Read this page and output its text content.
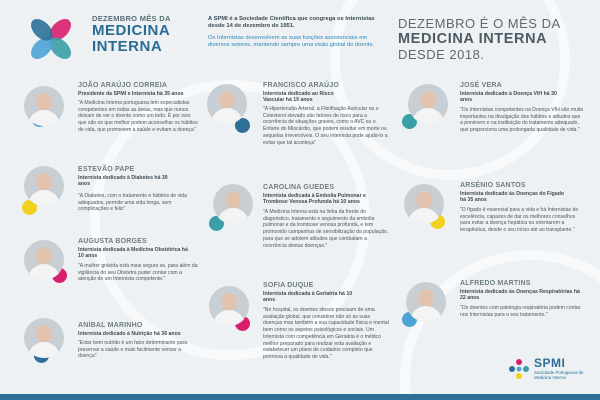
DEZEMBRO MÊS DA
MEDICINA
INTERNA
A SPMI é a Sociedade Científica que congrega os Internistas desde 14 de dezembro de 1951.
Os Internistas desenvolvem as suas funções assistenciais em diversos setores, mantendo sempre uma visão global do doente.
DEZEMBRO É O MÊS DA
MEDICINA INTERNA
DESDE 2018.
JOÃO ARAÚJO CORREIA
Presidente da SPMI e Internista há 35 anos
"A Medicina Interna portuguesa tem especialistas competentes em todas as áreas, mas que nunca deixam de ver o doente como um todo. É por isso que são os que melhor podem aconselhar os hábitos de vida, que promovem a saúde e evitam a doença"
ESTEVÃO PAPE
Internista dedicado à Diabetes há 30 anos
"A Diabetes, com o tratamento e hábitos de vida adequados, permite uma vida longa, sem complicações e feliz"
AUGUSTA BORGES
Internista dedicada à Medicina Obstétrica há 10 anos
"A mulher grávida está mais segura se, para além da vigilância do seu Obstetra puder contar com a atenção de um Internista competente."
ANÍBAL MARINHO
Internista dedicado à Nutrição há 36 anos
"Estar bem nutrido é um fator determinante para preservar a saúde e mais facilmente vencer a doença"
FRANCISCO ARAÚJO
Internista dedicado ao Risco Vascular há 19 anos
"A Hipertensão Arterial, a Fibrilhação Auricular ou o Colesterol elevado são fatores de risco para a ocorrência de situações graves, como o AVC ou o Enfarte do Miocárdio, que podem resultar em morte ou sequelas irreversíveis. O seu Internista pode ajudá-lo a evitar que tal aconteça"
CAROLINA GUEDES
Internista dedicada à Embolia Pulmonar e Trombose Venosa Profunda há 10 anos
"A Medicina Interna está na linha da frente do diagnóstico, tratamento e seguimento da embolia pulmonar e da trombose venosa profunda, e tem promovido campanhas de sensibilização da população, para que se adotem atitudes que combatam a ocorrência destas doenças."
SOFIA DUQUE
Internista dedicada à Geriatria há 10 anos
"No hospital, os doentes idosos precisam de uma avaliação global, que considere não só as suas doenças mas também a sua capacidade física e mental bem como os aspetos psicológicos e sociais. Um Internista com competência em Geriatria é o médico melhor preparado para realizar esta avaliação e estabelecer um plano de cuidados completo que promova a qualidade de vida."
JOSÉ VERA
Internista dedicado à Doença VIH há 30 anos
"Os Internistas competentes na Doença VIH são muito importantes na divulgação dos hábitos e atitudes que a previnem e na instituição do tratamento adequado, que proporciona uma prolongada qualidade de vida."
ARSÉNIO SANTOS
Internista dedicado às Doenças do Fígado há 35 anos
"O fígado é essencial para a vida e há Internistas de excelência, capazes de dar os melhores conselhos para evitar a doença hepática ou orientarem a terapêutica, desde o seu início até ao transplante."
ALFREDO MARTINS
Internista dedicado às Doenças Respiratórias há 22 anos
"Os doentes com patologia respiratória podem contar nos Internistas para o seu tratamento."
SPMI
Sociedade Portuguesa de Medicina Interna
